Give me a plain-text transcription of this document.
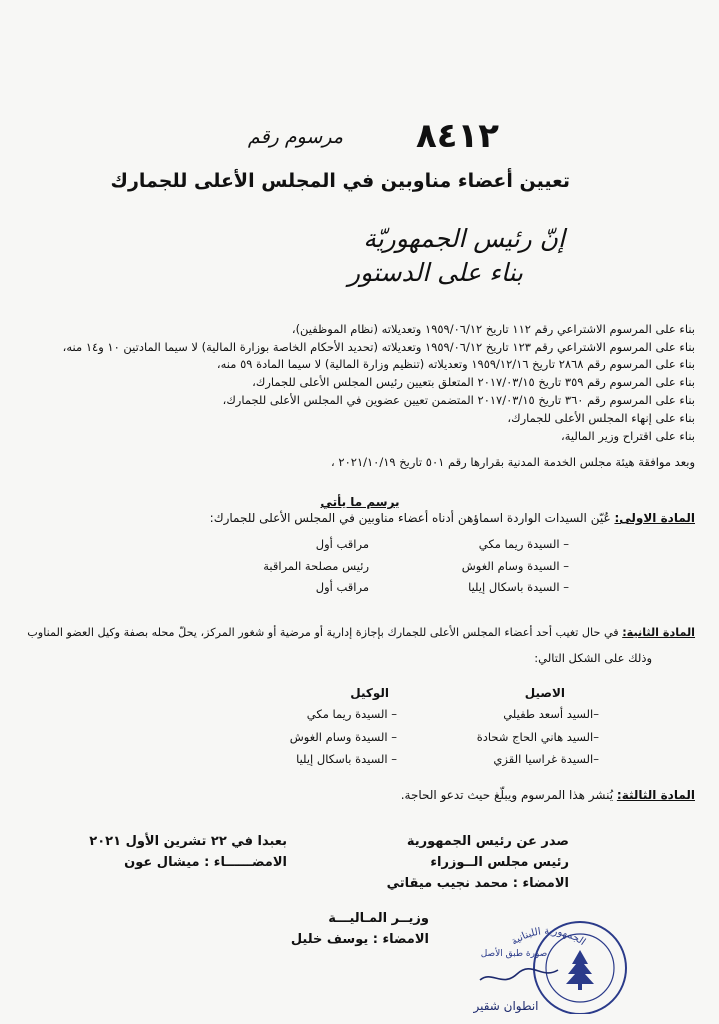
مرسوم رقم ٨٤١٢
تعيين أعضاء مناوبين في المجلس الأعلى للجمارك
إنّ رئيس الجمهوريّة
بناء على الدستور
بناء على المرسوم الاشتراعي رقم ١١٢ تاريخ ١٩٥٩/٠٦/١٢ وتعديلاته (نظام الموظفين)،
بناء على المرسوم الاشتراعي رقم ١٢٣ تاريخ ١٩٥٩/٠٦/١٢ وتعديلاته (تحديد الأحكام الخاصة بوزارة المالية) لا سيما المادتين ١٠ و١٤ منه،
بناء على المرسوم رقم ٢٨٦٨ تاريخ ١٩٥٩/١٢/١٦ وتعديلاته (تنظيم وزارة المالية) لا سيما المادة ٥٩ منه،
بناء على المرسوم رقم ٣٥٩ تاريخ ٢٠١٧/٠٣/١٥ المتعلق بتعيين رئيس المجلس الأعلى للجمارك،
بناء على المرسوم رقم ٣٦٠ تاريخ ٢٠١٧/٠٣/١٥ المتضمن تعيين عضوين في المجلس الأعلى للجمارك،
بناء على إنهاء المجلس الأعلى للجمارك،
بناء على اقتراح وزير المالية،
وبعد موافقة هيئة مجلس الخدمة المدنية بقرارها رقم ٥٠١ تاريخ ٢٠٢١/١٠/١٩ ،
يرسم ما يأتي
المادة الاولى: عُيّن السيدات الواردة اسماؤهن أدناه أعضاء مناوبين في المجلس الأعلى للجمارك:
– السيدة ريما مكي
مراقب أول
– السيدة وسام الغوش
رئيس مصلحة المراقبة
– السيدة باسكال إيليا
مراقب أول
المادة الثانية: في حال تغيب أحد أعضاء المجلس الأعلى للجمارك بإجازة إدارية أو مرضية أو شغور المركز، يحلّ محله بصفة وكيل العضو المناوب
وذلك على الشكل التالي:
الاصيل
الوكيل
–السيد أسعد طفيلي
– السيدة ريما مكي
–السيد هاني الحاج شحادة
– السيدة وسام الغوش
–السيدة غراسيا القزي
– السيدة باسكال إيليا
المادة الثالثة: يُنشر هذا المرسوم ويبلّغ حيث تدعو الحاجة.
صدر عن رئيس الجمهورية
رئيس مجلس الــوزراء
الامضاء : محمد نجيب ميقاتي
بعبدا في ٢٢ تشرين الأول ٢٠٢١
الامضــــــاء : ميشال عون
وزيــر المـاليـــة
الامضاء : يوسف خليل	الجمهورية اللبنانية
صورة طبق الأصل
انطوان شقير
